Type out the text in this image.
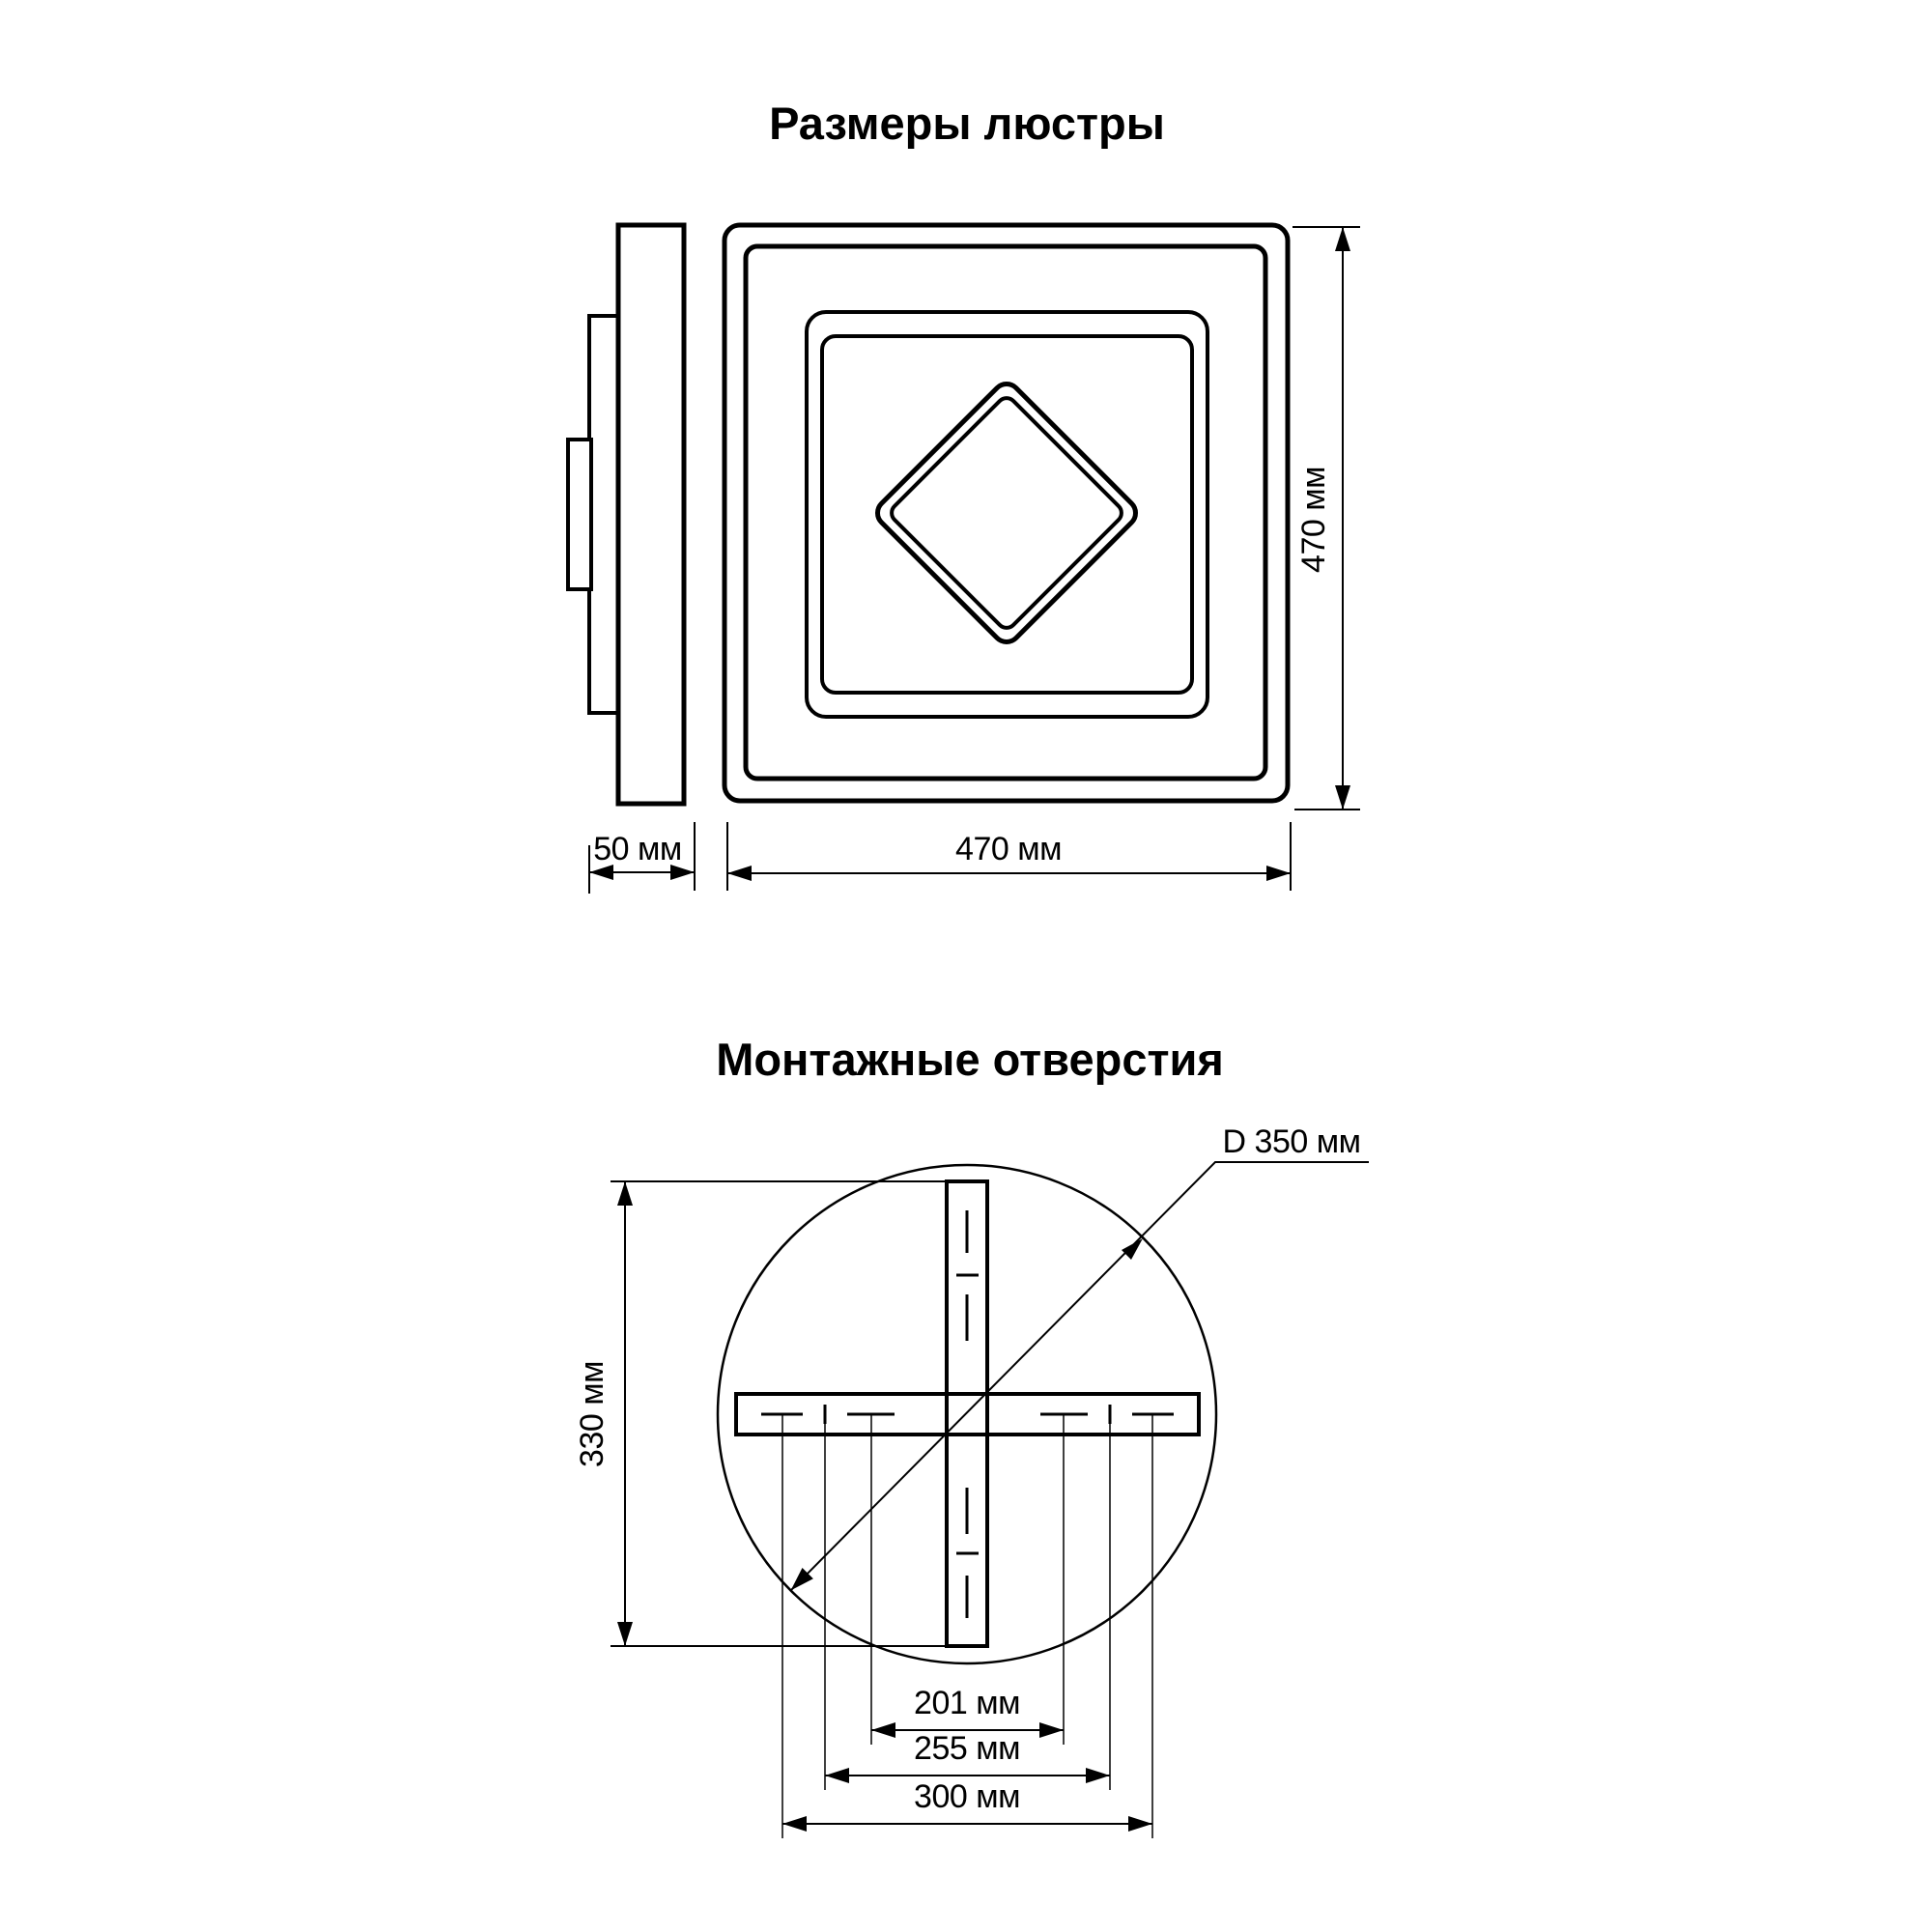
Размеры люстры
50 мм	470 мм
470 мм
Монтажные отверстия
D 350 мм
330 мм
201 мм
255 мм
300 мм
